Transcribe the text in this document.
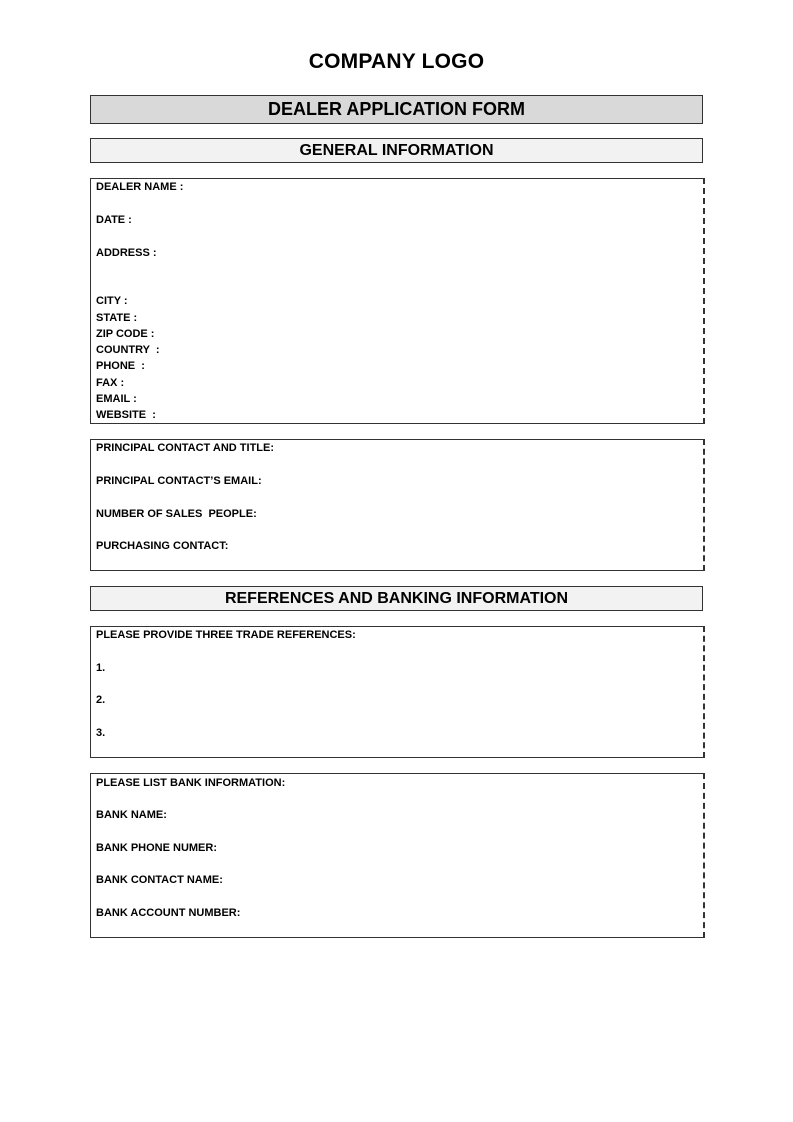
COMPANY LOGO
DEALER APPLICATION FORM
GENERAL INFORMATION
DEALER NAME :
DATE :
ADDRESS :
CITY :
STATE :
ZIP CODE :
COUNTRY  :
PHONE  :
FAX :
EMAIL :
WEBSITE  :
PRINCIPAL CONTACT AND TITLE:
PRINCIPAL CONTACT’S EMAIL:
NUMBER OF SALES  PEOPLE:
PURCHASING CONTACT:
REFERENCES AND BANKING INFORMATION
PLEASE PROVIDE THREE TRADE REFERENCES:
1.
2.
3.
PLEASE LIST BANK INFORMATION:
BANK NAME:
BANK PHONE NUMER:
BANK CONTACT NAME:
BANK ACCOUNT NUMBER:
